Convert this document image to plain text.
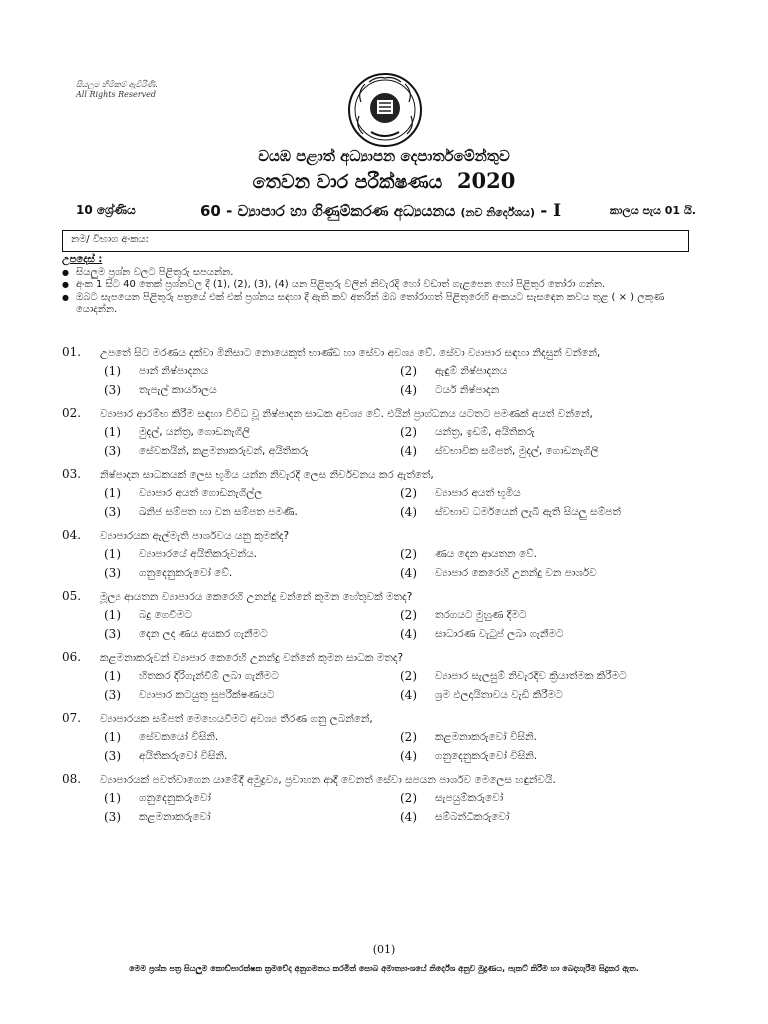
සියලුම හිමිකම් ඇවිරිණි.
All Rights Reserved
වයඹ පළාත් අධ්‍යාපන දෙපාර්තමේන්තුව
තෙවන වාර පරීක්ෂණය 2020
10 ශ්‍රේණිය	60 - ව්‍යාපාර හා ගිණුම්කරණ අධ්‍යයනය (නව නිර්දේශය) - I	කාලය පැය 01 යි.
නම/ විභාග අංකය:
උපදෙස් :
● සියලුම ප්‍රශ්න වලට පිළිතුරු සපයන්න.
● අංක 1 සිට 40 තෙක් ප්‍රශ්නවල දී (1), (2), (3), (4) යන පිළිතුරු වලින් නිවැරදි හෝ වඩාත් ගැළපෙන හෝ පිළිතුර තෝරා ගන්න.
● ඔබට සැපයෙන පිළිතුරු පත්‍රයේ එක් එක් ප්‍රශ්නය සඳහා දී ඇති කව අතරින් ඔබ තෝරාගත් පිළිතුරෙහි අංකයට සැසඳෙන කවය තුළ ( × ) ලකුණ යොදන්න.
01. උපතේ සිට මරණය දක්වා මිනිසාට නොයෙකුත් භාණ්ඩ හා සේවා අවශ්‍ය වේ. සේවා ව්‍යාපාර සඳහා නිදසුන් වන්නේ,
(1) පාන් නිෂ්පාදනය	(2) ඇඳුම් නිෂ්පාදනය
(3) තැපැල් කාර්යාලය	(4) ටයර් නිෂ්පාදන
02. ව්‍යාපාර ආරම්භ කිරීම සඳහා විවිධ වූ නිෂ්පාදන සාධක අවශ්‍ය වේ. එයින් ප්‍රාග්ධනය යටතට පමණක් අයත් වන්නේ,
(1) මුදල්, යන්ත්‍ර, ගොඩනැගිලි	(2) යන්ත්‍ර, ඉඩම්, අයිතිකරු
(3) සේවකයින්, කළමනාකරුවන්, අයිතිකරු	(4) ස්වභාවික සම්පත්, මුදල්, ගොඩනැගිලි
03. නිෂ්පාදන සාධකයක් ලෙස භූමිය යන්න නිවැරදි ලෙස නිර්වචනය කර ඇත්තේ,
(1) ව්‍යාපාර අයත් ගොඩනැගිල්ල	(2) ව්‍යාපාර අයත් භූමිය
(3) ඛනිජ සම්පත හා වන සම්පත පමණි.	(4) ස්වභාව ධර්මයෙන් ලැබී ඇති සියලු සම්පත්
04. ව්‍යාපාරයක ඇල්මැති පාර්ශවය යනු කුමක්ද?
(1) ව්‍යාපාරයේ අයිතිකරුවන්ය.	(2) ණය දෙන ආයතන වේ.
(3) ගනුදෙනුකරුවෝ වේ.	(4) ව්‍යාපාර කෙරෙහි උනන්දු වන පාර්ශව
05. මූල්‍ය ආයතන ව්‍යාපාරය කෙරෙහි උනන්දු වන්නේ කුමන හේතුවක් මතද?
(1) බදු ගෙවීමට	(2) තරගයට මුහුණ දීමට
(3) දෙන ලද ණය අයකර ගැනීමට	(4) සාධාරණ වැටුප් ලබා ගැනීමට
06. කළමනාකරුවන් ව්‍යාපාර කෙරෙහි උනන්දු වන්නේ කුමන සාධක මතද?
(1) හිතකර දිරිගැන්වීම් ලබා ගැනීමට	(2) ව්‍යාපාර සැලසුම් නිවැරදිව ක්‍රියාත්මක කිරීමට
(3) ව්‍යාපාර කටයුතු සුපරීක්ෂණයට	(4) ශ්‍රම ඵලදායිතාවය වැඩි කිරීමට
07. ව්‍යාපාරයක සම්පත් මෙහෙයවීමට අවශ්‍ය තීරණ ගනු ලබන්නේ,
(1) සේවකයෝ විසිනි.	(2) කළමනාකරුවෝ විසිනි.
(3) අයිතිකරුවෝ විසිනි.	(4) ගනුදෙනුකරුවෝ විසිනි.
08. ව්‍යාපාරයක් පවත්වාගෙන යාමේදී අමුද්‍රව්‍ය, ප්‍රවාහන ආදී වෙනත් සේවා සපයන පාර්ශව මෙලෙස හඳුන්වයි.
(1) ගනුදෙනුකරුවෝ	(2) සැපයුම්කරුවෝ
(3) කළමනාකරුවෝ	(4) සම්බන්ධීකරුවෝ
(01)
මෙම ප්‍රශ්න පත්‍ර සියලුම කොඩ්පාරක්ෂක ක්‍රමවේද අනුගමනය කරමින් සොබ අමාත්‍යාංශයේ නිර්දේශ අනුව මුද්‍රණය, පැකට් කිරීම හා බෙදාහැරීම සිදුකර ඇත.
